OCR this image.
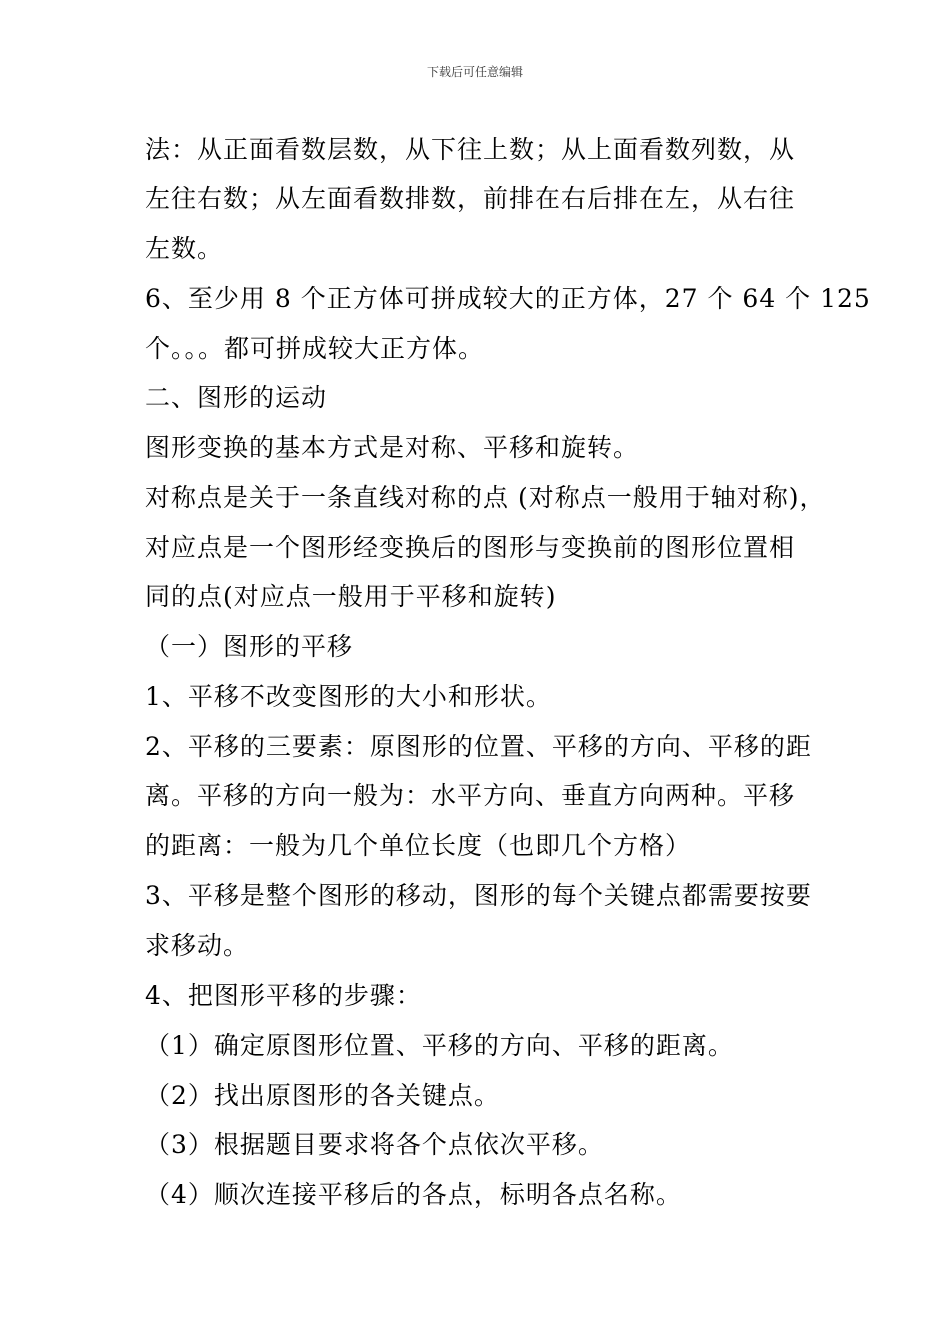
下载后可任意编辑
法：从正面看数层数，从下往上数；从上面看数列数，从
左往右数；从左面看数排数，前排在右后排在左，从右往
左数。
6、至少用 8 个正方体可拼成较大的正方体，27 个 64 个 125
个。。。都可拼成较大正方体。
二、图形的运动
图形变换的基本方式是对称、平移和旋转。
对称点是关于一条直线对称的点 (对称点一般用于轴对称)，
对应点是一个图形经变换后的图形与变换前的图形位置相
同的点(对应点一般用于平移和旋转)
（一）图形的平移
1、平移不改变图形的大小和形状。
2、平移的三要素：原图形的位置、平移的方向、平移的距
离。平移的方向一般为：水平方向、垂直方向两种。平移
的距离：一般为几个单位长度（也即几个方格）
3、平移是整个图形的移动，图形的每个关键点都需要按要
求移动。
4、把图形平移的步骤：
（1）确定原图形位置、平移的方向、平移的距离。
（2）找出原图形的各关键点。
（3）根据题目要求将各个点依次平移。
（4）顺次连接平移后的各点，标明各点名称。
